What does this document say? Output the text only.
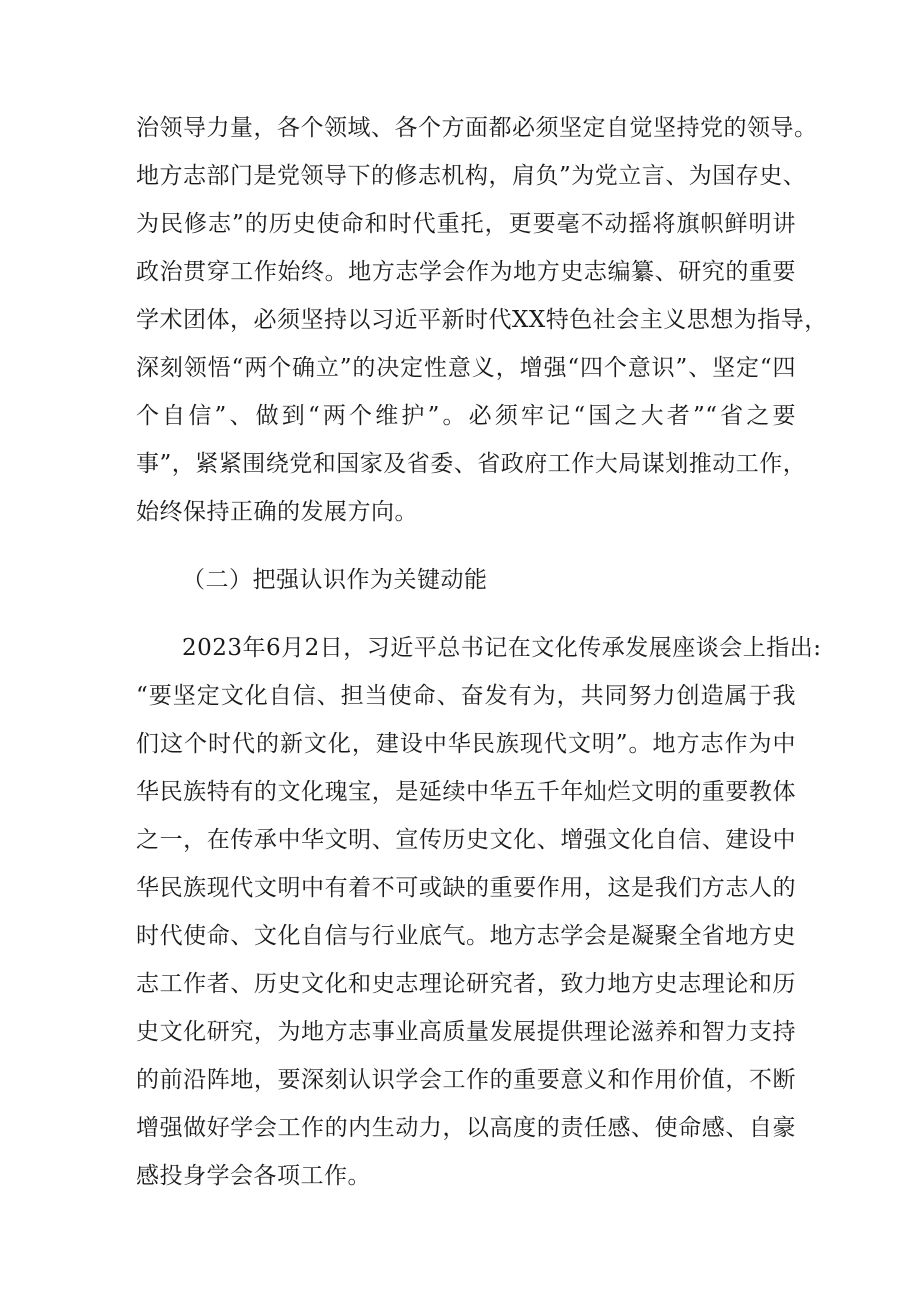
治领导力量，各个领域、各个方面都必须坚定自觉坚持党的领导。
地方志部门是党领导下的修志机构，肩负”为党立言、为国存史、
为民修志”的历史使命和时代重托，更要毫不动摇将旗帜鲜明讲
政治贯穿工作始终。地方志学会作为地方史志编纂、研究的重要
学术团体，必须坚持以习近平新时代XX特色社会主义思想为指导，
深刻领悟“两个确立”的决定性意义，增强“四个意识”、坚定“四
个自信”、做到“两个维护”。必须牢记“国之大者”“省之要
事”，紧紧围绕党和国家及省委、省政府工作大局谋划推动工作，
始终保持正确的发展方向。
（二）把强认识作为关键动能
2023年6月2日，习近平总书记在文化传承发展座谈会上指出:
“要坚定文化自信、担当使命、奋发有为，共同努力创造属于我
们这个时代的新文化，建设中华民族现代文明”。地方志作为中
华民族特有的文化瑰宝，是延续中华五千年灿烂文明的重要教体
之一，在传承中华文明、宣传历史文化、增强文化自信、建设中
华民族现代文明中有着不可或缺的重要作用，这是我们方志人的
时代使命、文化自信与行业底气。地方志学会是凝聚全省地方史
志工作者、历史文化和史志理论研究者，致力地方史志理论和历
史文化研究，为地方志事业高质量发展提供理论滋养和智力支持
的前沿阵地，要深刻认识学会工作的重要意义和作用价值，不断
增强做好学会工作的内生动力，以高度的责任感、使命感、自豪
感投身学会各项工作。
